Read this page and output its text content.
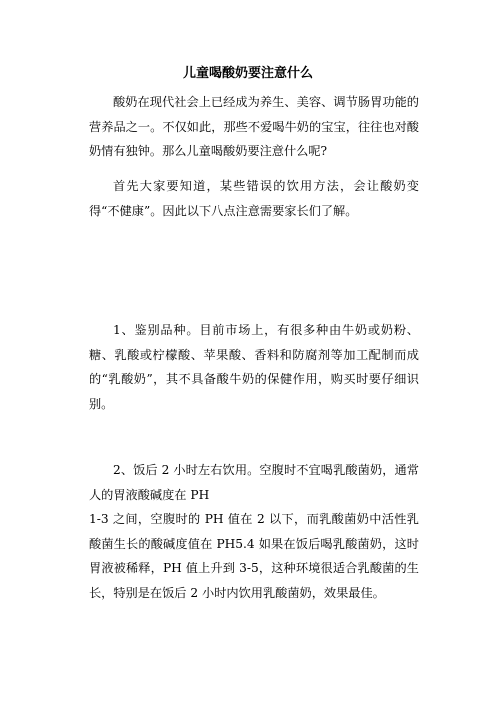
儿童喝酸奶要注意什么

酸奶在现代社会上已经成为养生、美容、调节肠胃功能的营养品之一。不仅如此，那些不爱喝牛奶的宝宝，往往也对酸奶情有独钟。那么儿童喝酸奶要注意什么呢?

首先大家要知道，某些错误的饮用方法，会让酸奶变得“不健康”。因此以下八点注意需要家长们了解。

1、鉴别品种。目前市场上，有很多种由牛奶或奶粉、糖、乳酸或柠檬酸、苹果酸、香料和防腐剂等加工配制而成的“乳酸奶”，其不具备酸牛奶的保健作用，购买时要仔细识别。

2、饭后 2 小时左右饮用。空腹时不宜喝乳酸菌奶，通常人的胃液酸碱度在 PH

1-3 之间，空腹时的 PH 值在 2 以下，而乳酸菌奶中活性乳酸菌生长的酸碱度值在 PH5.4 如果在饭后喝乳酸菌奶，这时胃液被稀释，PH 值上升到 3-5，这种环境很适合乳酸菌的生长，特别是在饭后 2 小时内饮用乳酸菌奶，效果最佳。
